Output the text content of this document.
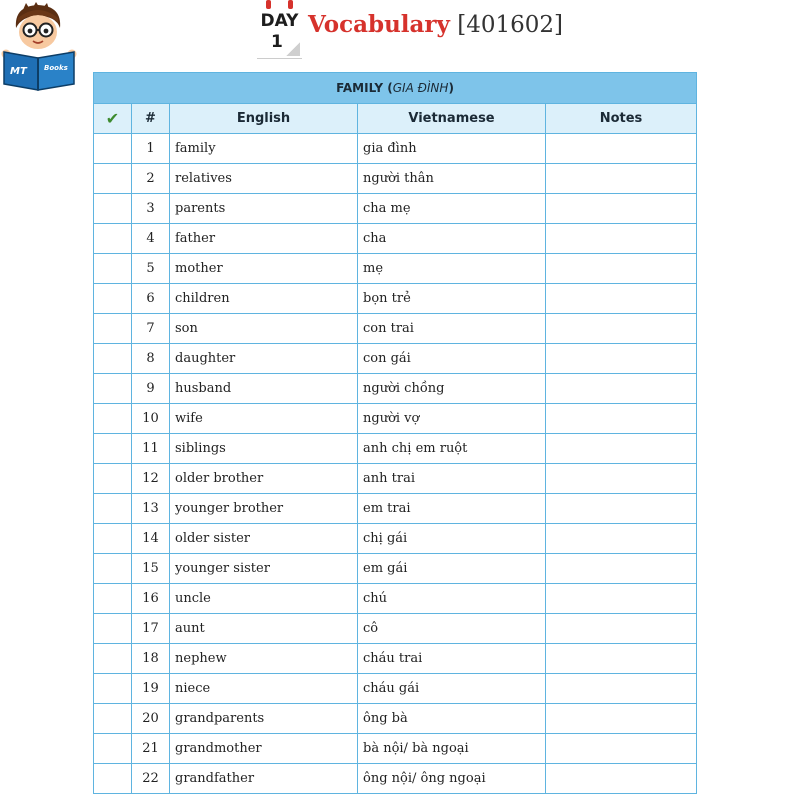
MT Books
DAY
1
Vocabulary [401602]
FAMILY (GIA ĐÌNH)				
✔	#	English	Vietnamese	Notes
	1	family	gia đình	
	2	relatives	người thân	
	3	parents	cha mẹ	
	4	father	cha	
	5	mother	mẹ	
	6	children	bọn trẻ	
	7	son	con trai	
	8	daughter	con gái	
	9	husband	người chồng	
	10	wife	người vợ	
	11	siblings	anh chị em ruột	
	12	older brother	anh trai	
	13	younger brother	em trai	
	14	older sister	chị gái	
	15	younger sister	em gái	
	16	uncle	chú	
	17	aunt	cô	
	18	nephew	cháu trai	
	19	niece	cháu gái	
	20	grandparents	ông bà	
	21	grandmother	bà nội/ bà ngoại	
	22	grandfather	ông nội/ ông ngoại	
